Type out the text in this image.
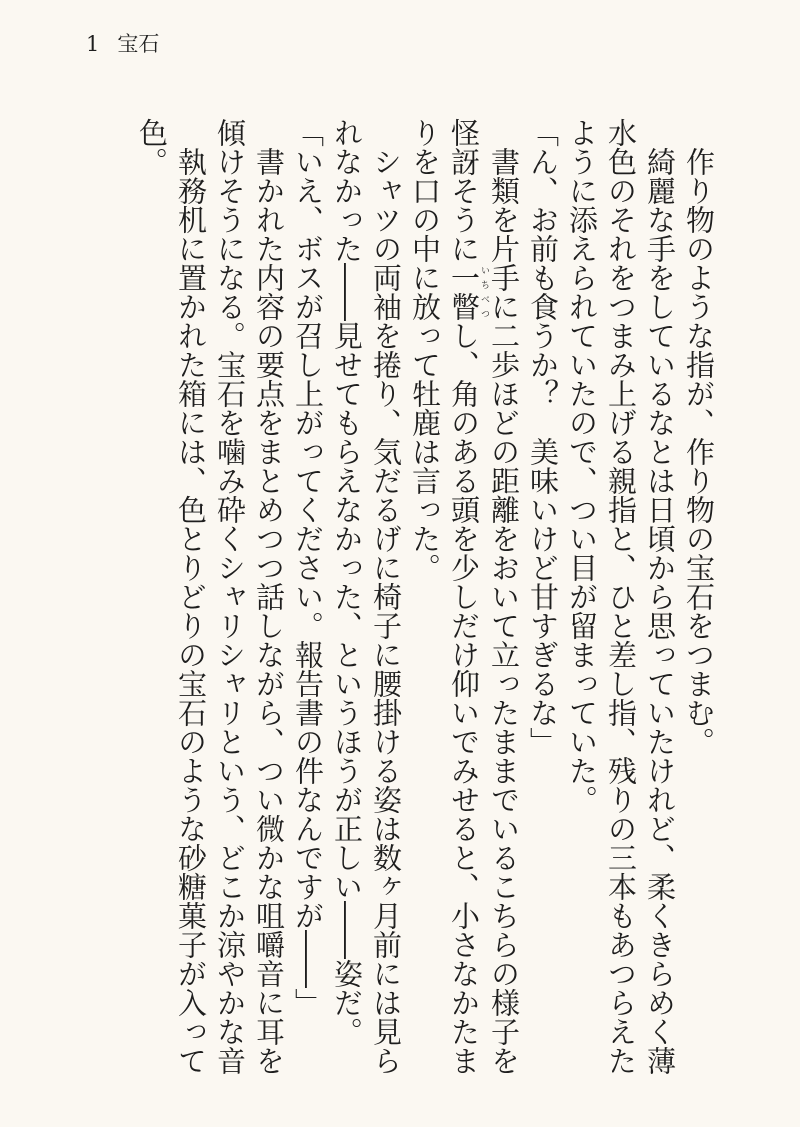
1 宝石

作り物のような指が、作り物の宝石をつまむ。

綺麗な手をしているなとは日頃から思っていたけれど、柔くきらめく薄水色のそれをつまみ上げる親指と、ひと差し指、残りの三本もあつらえたように添えられていたので、つい目が留まっていた。

「ん、お前も食うか？　美味いけど甘すぎるな」

書類を片手に二歩ほどの距離をおいて立ったままでいるこちらの様子を怪訝そうに一瞥いちべつし、角のある頭を少しだけ仰いでみせると、小さなかたまりを口の中に放って牡鹿は言った。

シャツの両袖を捲り、気だるげに椅子に腰掛ける姿は数ヶ月前には見られなかった――見せてもらえなかった、というほうが正しい――姿だ。

「いえ、ボスが召し上がってください。報告書の件なんですが――」

書かれた内容の要点をまとめつつ話しながら、つい微かな咀嚼音に耳を傾けそうになる。宝石を噛み砕くシャリシャリという、どこか涼やかな音

執務机に置かれた箱には、色とりどりの宝石のような砂糖菓子が入って色。
